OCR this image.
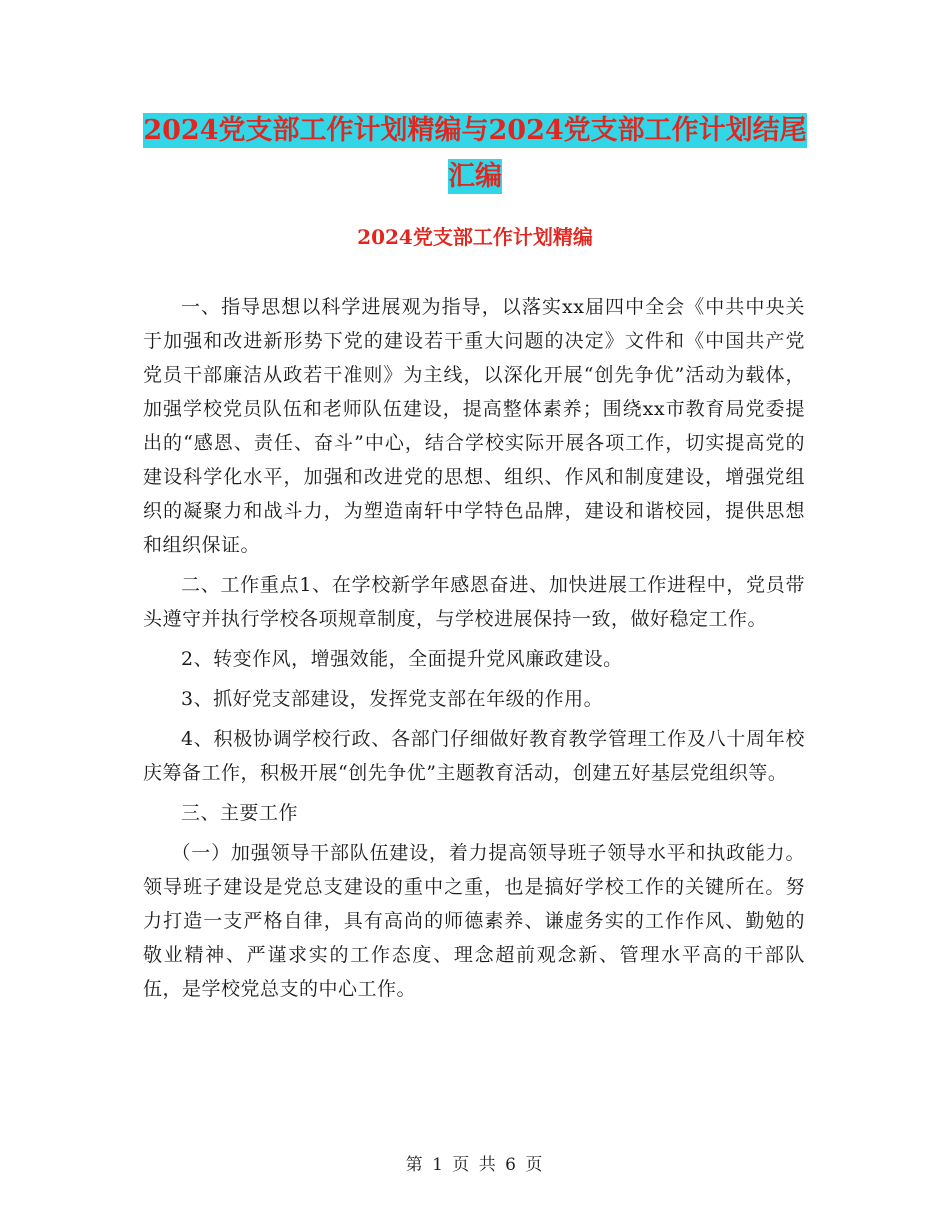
2024党支部工作计划精编与2024党支部工作计划结尾汇编
2024党支部工作计划精编

一、指导思想以科学进展观为指导，以落实xx届四中全会《中共中央关于加强和改进新形势下党的建设若干重大问题的决定》文件和《中国共产党党员干部廉洁从政若干准则》为主线，以深化开展“创先争优”活动为载体，加强学校党员队伍和老师队伍建设，提高整体素养；围绕xx市教育局党委提出的“感恩、责任、奋斗”中心，结合学校实际开展各项工作，切实提高党的建设科学化水平，加强和改进党的思想、组织、作风和制度建设，增强党组织的凝聚力和战斗力，为塑造南轩中学特色品牌，建设和谐校园，提供思想和组织保证。

二、工作重点1、在学校新学年感恩奋进、加快进展工作进程中，党员带头遵守并执行学校各项规章制度，与学校进展保持一致，做好稳定工作。

2、转变作风，增强效能，全面提升党风廉政建设。

3、抓好党支部建设，发挥党支部在年级的作用。

4、积极协调学校行政、各部门仔细做好教育教学管理工作及八十周年校庆筹备工作，积极开展“创先争优”主题教育活动，创建五好基层党组织等。

三、主要工作

（一）加强领导干部队伍建设，着力提高领导班子领导水平和执政能力。领导班子建设是党总支建设的重中之重，也是搞好学校工作的关键所在。努力打造一支严格自律，具有高尚的师德素养、谦虚务实的工作作风、勤勉的敬业精神、严谨求实的工作态度、理念超前观念新、管理水平高的干部队伍，是学校党总支的中心工作。

第 1 页 共 6 页
